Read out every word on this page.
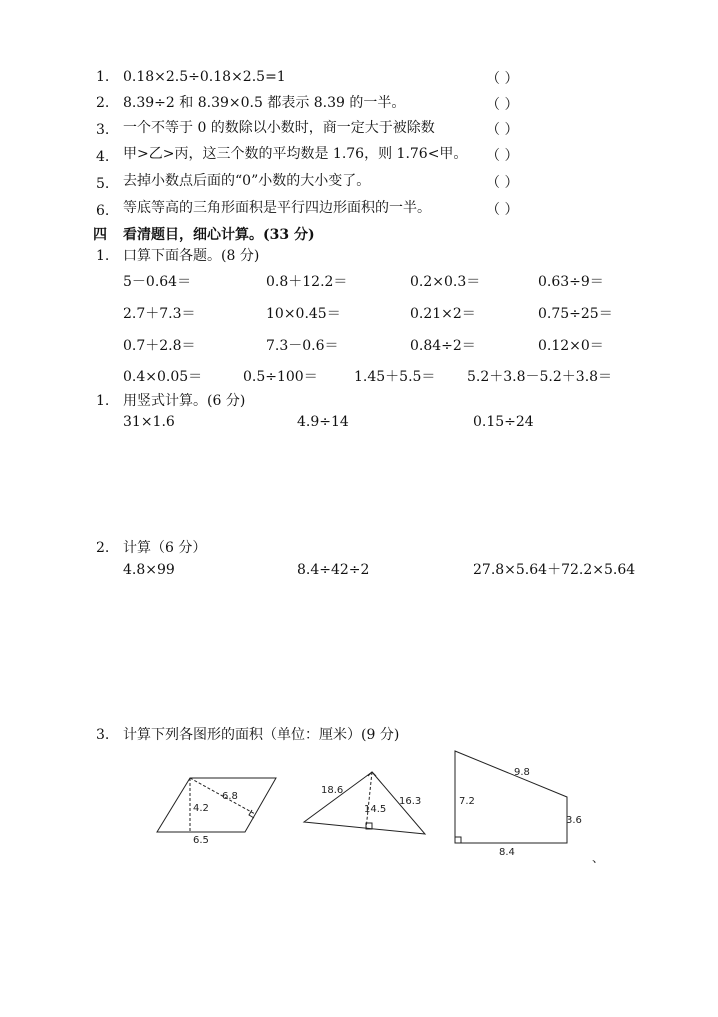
1. 0.18×2.5÷0.18×2.5=1	（ ）
2. 8.39÷2 和 8.39×0.5 都表示 8.39 的一半。	（ ）
3. 一个不等于 0 的数除以小数时，商一定大于被除数	（ ）
4. 甲>乙>丙，这三个数的平均数是 1.76，则 1.76<甲。 （ ）
5. 去掉小数点后面的“0”小数的大小变了。	（ ）
6. 等底等高的三角形面积是平行四边形面积的一半。	（ ）
四 看清题目，细心计算。(33 分)
1. 口算下面各题。(8 分)
5－0.64＝	0.8＋12.2＝	0.2×0.3＝	0.63÷9＝
2.7＋7.3＝	10×0.45＝	0.21×2＝	0.75÷25＝
0.7＋2.8＝	7.3－0.6＝	0.84÷2＝	0.12×0＝
0.4×0.05＝	0.5÷100＝	1.45＋5.5＝ 5.2＋3.8－5.2＋3.8＝
1. 用竖式计算。(6 分)
31×1.6	4.9÷14	0.15÷24
2. 计算（6 分）
4.8×99	8.4÷42÷2	27.8×5.64＋72.2×5.64
3. 计算下列各图形的面积（单位：厘米）(9 分)
4.2
6.8
6.5
18.6
16.3
14.5
9.8
7.2
3.6
8.4	、
